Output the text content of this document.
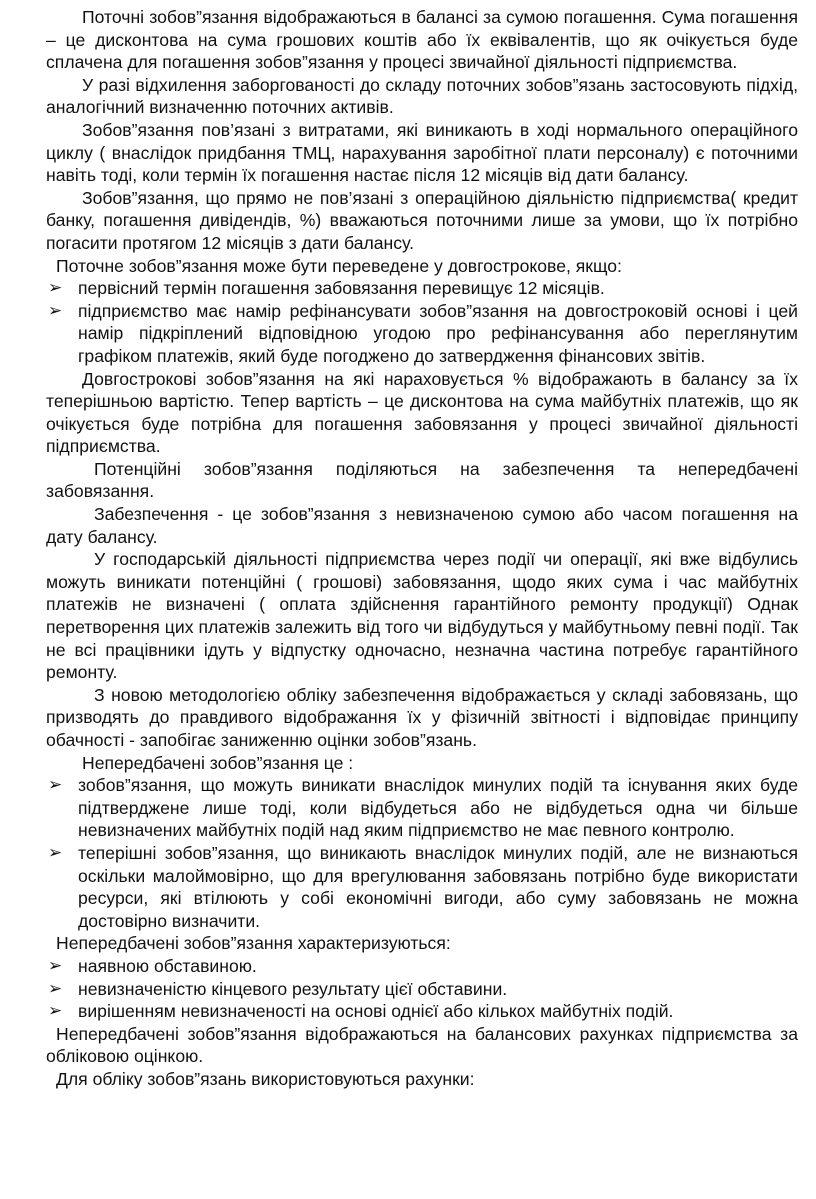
Поточні зобов”язання відображаються в балансі за сумою погашення. Сума погашення – це дисконтова на сума грошових коштів або їх еквівалентів, що як очікується буде сплачена для погашення зобов”язання у процесі звичайної діяльності підприємства.

У разі відхилення заборгованості до складу поточних зобов”язань застосовують підхід, аналогічний визначенню поточних активів.

Зобов”язання пов’язані з витратами, які виникають в ході нормального операційного циклу ( внаслідок придбання ТМЦ, нарахування заробітної плати персоналу) є поточними навіть тоді, коли термін їх погашення настає після 12 місяців від дати балансу.

Зобов”язання, що прямо не пов’язані з операційною діяльністю підприємства( кредит банку, погашення дивідендів, %) вважаються поточними лише за умови, що їх потрібно погасити протягом 12 місяців з дати балансу.

Поточне зобов”язання може бути переведене у довгострокове, якщо:

➢ первісний термін погашення забовязання перевищує 12 місяців.
➢ підприємство має намір рефінансувати зобов”язання на довгостроковій основі і цей намір підкріплений відповідною угодою про рефінансування або переглянутим графіком платежів, який буде погоджено до затвердження фінансових звітів.

Довгострокові зобов”язання на які нараховується % відображають в балансу за їх теперішньою вартістю. Тепер вартість – це дисконтова на сума майбутніх платежів, що як очікується буде потрібна для погашення забовязання у процесі звичайної діяльності підприємства.

Потенційні зобов”язання поділяються на забезпечення та непередбачені забовязання.

Забезпечення - це зобов”язання з невизначеною сумою або часом погашення на дату балансу.

У господарській діяльності підприємства через події чи операції, які вже відбулись можуть виникати потенційні ( грошові) забовязання, щодо яких сума і час майбутніх платежів не визначені ( оплата здійснення гарантійного ремонту продукції) Однак перетворення цих платежів залежить від того чи відбудуться у майбутньому певні події. Так не всі працівники ідуть у відпустку одночасно, незначна частина потребує гарантійного ремонту.

З новою методологією обліку забезпечення відображається у складі забовязань, що призводять до правдивого відображання їх у фізичній звітності і відповідає принципу обачності - запобігає заниженню оцінки зобов”язань.

Непередбачені зобов”язання це :

➢ зобов”язання, що можуть виникати внаслідок минулих подій та існування яких буде підтверджене лише тоді, коли відбудеться або не відбудеться одна чи більше невизначених майбутніх подій над яким підприємство не має певного контролю.
➢ теперішні зобов”язання, що виникають внаслідок минулих подій, але не визнаються оскільки малоймовірно, що для врегулювання забовязань потрібно буде використати ресурси, які втілюють у собі економічні вигоди, або суму забовязань не можна достовірно визначити.

Непередбачені зобов”язання характеризуються:

➢ наявною обставиною.
➢ невизначеністю кінцевого результату цієї обставини.
➢ вирішенням невизначеності на основі однієї або кількох майбутніх подій.

Непередбачені зобов”язання відображаються на балансових рахунках підприємства за обліковою оцінкою.

Для обліку зобов”язань використовуються рахунки:
